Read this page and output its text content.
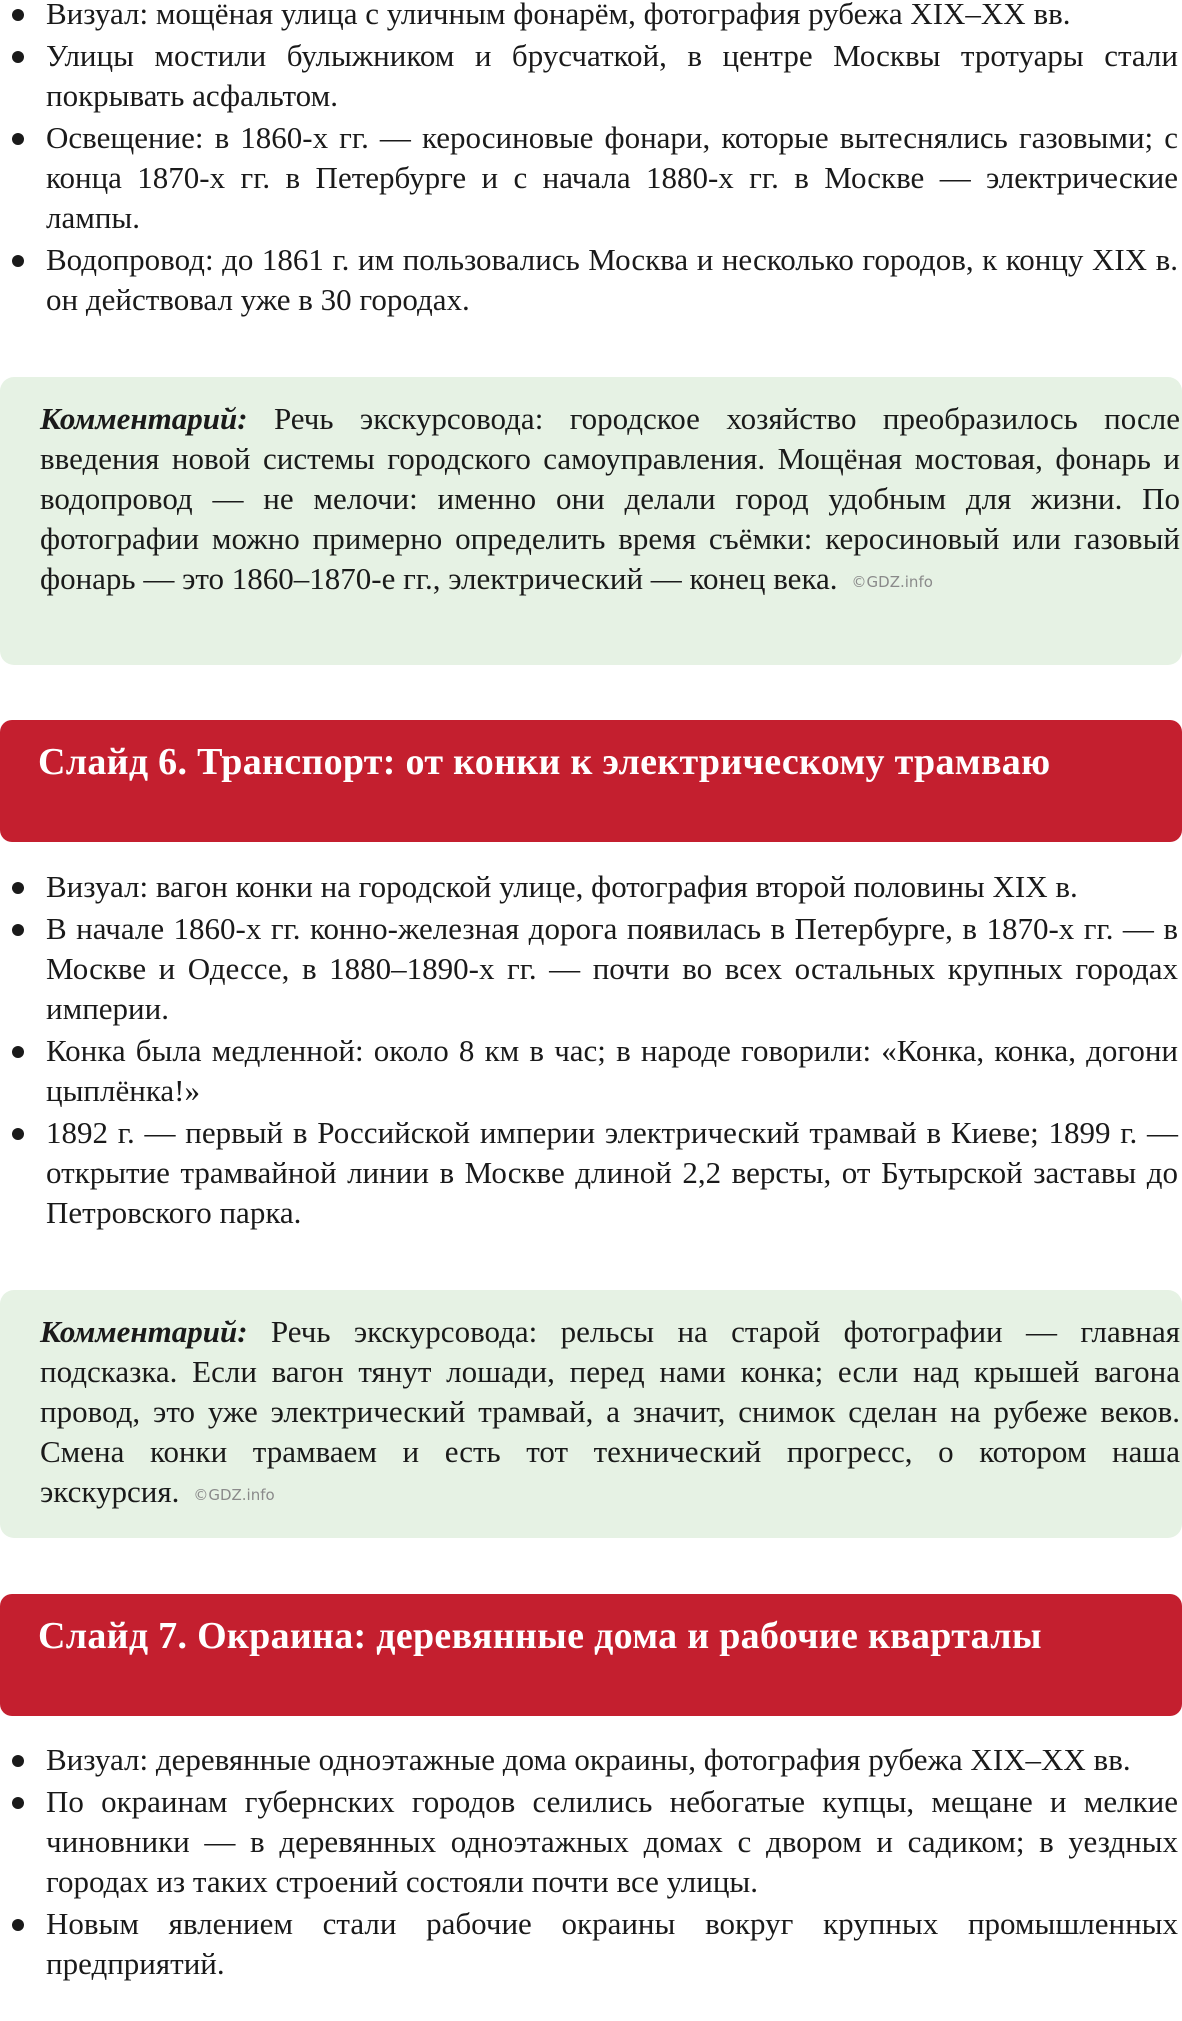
Визуал: мощёная улица с уличным фонарём, фотография рубежа XIX–XX вв.
Улицы мостили булыжником и брусчаткой, в центре Москвы тротуары стали покрывать асфальтом.
Освещение: в 1860-х гг. — керосиновые фонари, которые вытеснялись газовыми; с конца 1870-х гг. в Петербурге и с начала 1880-х гг. в Москве — электрические лампы.
Водопровод: до 1861 г. им пользовались Москва и несколько городов, к концу XIX в. он действовал уже в 30 городах.

Комментарий: Речь экскурсовода: городское хозяйство преобразилось после введения новой системы городского самоуправления. Мощёная мостовая, фонарь и водопровод — не мелочи: именно они делали город удобным для жизни. По фотографии можно примерно определить время съёмки: керосиновый или газовый фонарь — это 1860–1870-е гг., электрический — конец века. ©GDZ.info

Слайд 6. Транспорт: от конки к электрическому трамваю
Визуал: вагон конки на городской улице, фотография второй половины XIX в.
В начале 1860-х гг. конно-железная дорога появилась в Петербурге, в 1870-х гг. — в Москве и Одессе, в 1880–1890-х гг. — почти во всех остальных крупных городах империи.
Конка была медленной: около 8 км в час; в народе говорили: «Конка, конка, догони цыплёнка!»
1892 г. — первый в Российской империи электрический трамвай в Киеве; 1899 г. — открытие трамвайной линии в Москве длиной 2,2 версты, от Бутырской заставы до Петровского парка.

Комментарий: Речь экскурсовода: рельсы на старой фотографии — главная подсказка. Если вагон тянут лошади, перед нами конка; если над крышей вагона провод, это уже электрический трамвай, а значит, снимок сделан на рубеже веков. Смена конки трамваем и есть тот технический прогресс, о котором наша экскурсия. ©GDZ.info

Слайд 7. Окраина: деревянные дома и рабочие кварталы
Визуал: деревянные одноэтажные дома окраины, фотография рубежа XIX–XX вв.
По окраинам губернских городов селились небогатые купцы, мещане и мелкие чиновники — в деревянных одноэтажных домах с двором и садиком; в уездных городах из таких строений состояли почти все улицы.
Новым явлением стали рабочие окраины вокруг крупных промышленных предприятий.
